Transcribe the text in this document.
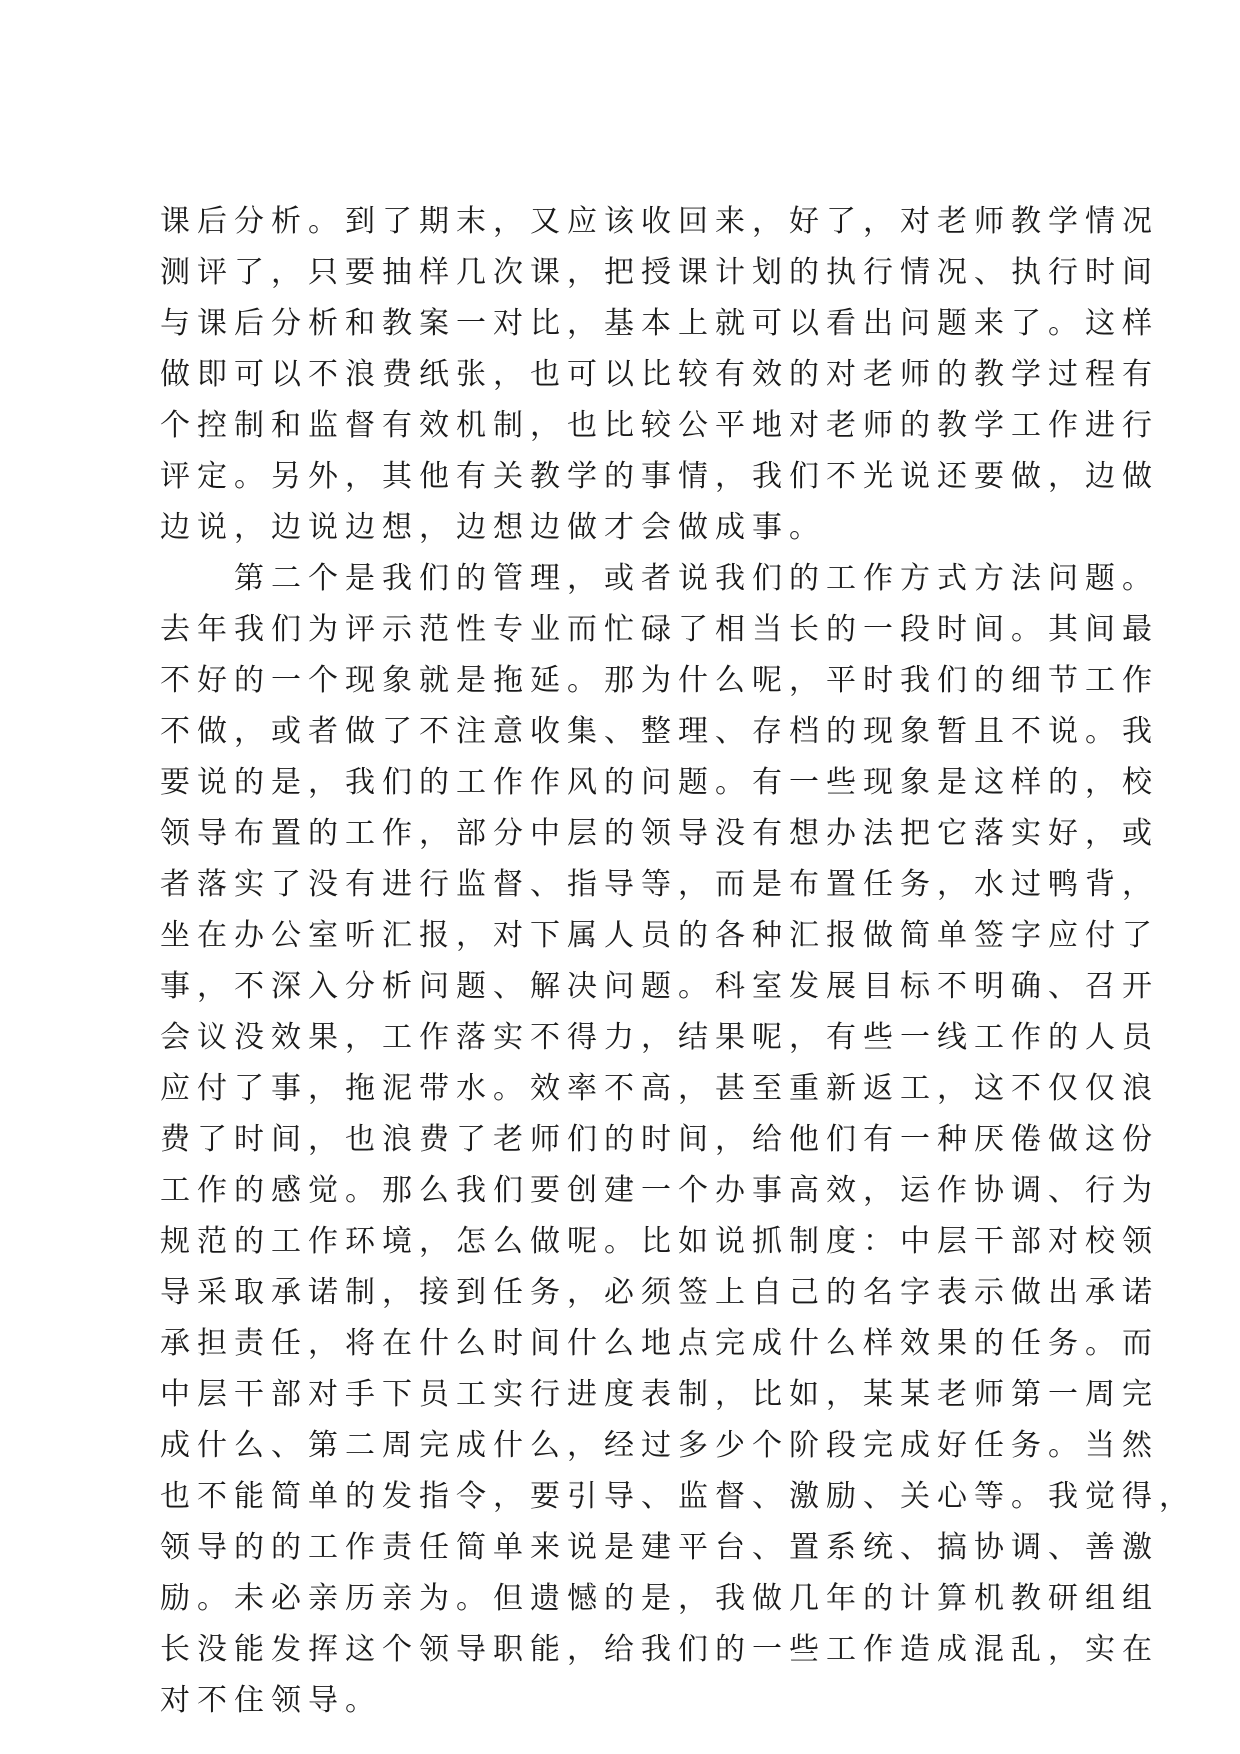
课后分析。到了期末，又应该收回来，好了，对老师教学情况
测评了，只要抽样几次课，把授课计划的执行情况、执行时间
与课后分析和教案一对比，基本上就可以看出问题来了。这样
做即可以不浪费纸张，也可以比较有效的对老师的教学过程有
个控制和监督有效机制，也比较公平地对老师的教学工作进行
评定。另外，其他有关教学的事情，我们不光说还要做，边做
边说，边说边想，边想边做才会做成事。
第二个是我们的管理，或者说我们的工作方式方法问题。
去年我们为评示范性专业而忙碌了相当长的一段时间。其间最
不好的一个现象就是拖延。那为什么呢，平时我们的细节工作
不做，或者做了不注意收集、整理、存档的现象暂且不说。我
要说的是，我们的工作作风的问题。有一些现象是这样的，校
领导布置的工作，部分中层的领导没有想办法把它落实好，或
者落实了没有进行监督、指导等，而是布置任务，水过鸭背，
坐在办公室听汇报，对下属人员的各种汇报做简单签字应付了
事，不深入分析问题、解决问题。科室发展目标不明确、召开
会议没效果，工作落实不得力，结果呢，有些一线工作的人员
应付了事，拖泥带水。效率不高，甚至重新返工，这不仅仅浪
费了时间，也浪费了老师们的时间，给他们有一种厌倦做这份
工作的感觉。那么我们要创建一个办事高效，运作协调、行为
规范的工作环境，怎么做呢。比如说抓制度：中层干部对校领
导采取承诺制，接到任务，必须签上自己的名字表示做出承诺
承担责任，将在什么时间什么地点完成什么样效果的任务。而
中层干部对手下员工实行进度表制，比如，某某老师第一周完
成什么、第二周完成什么，经过多少个阶段完成好任务。当然
也不能简单的发指令，要引导、监督、激励、关心等。我觉得，
领导的的工作责任简单来说是建平台、置系统、搞协调、善激
励。未必亲历亲为。但遗憾的是，我做几年的计算机教研组组
长没能发挥这个领导职能，给我们的一些工作造成混乱，实在
对不住领导。
